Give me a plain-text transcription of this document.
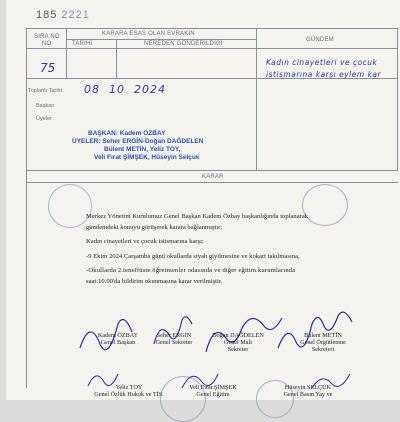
185 2221
SIRA NO
NO
KARARA ESAS OLAN EVRAKIN
TARİHİ	NEREDEN GÖNDERİLDİĞİ
GÜNDEM
75	Kadın cinayetleri ve çocuk
istismarına karşı eylem kar
Toplantı Tarihi 08  10  2024
Başkan
Üyeler
BAŞKAN: Kadem ÖZBAY
ÜYELER: Seher ERGİN-Doğan DAĞDELEN
Bülent METİN, Yeliz TOY,
Veli Fırat ŞİMŞEK, Hüseyin Selçuk
KARAR

Merkez Yönetim Kurulumuz Genel Başkan Kadem Özbay başkanlığında toplanarak

gündemdeki konuyu görüşerek karara bağlanmıştır;

Kadın cinayetleri ve çocuk istismarına karşı;

-9 Ekim 2024 Çarşamba günü okullarda siyah giyilmesine ve kokart takılmasına,

-Okullarda 2.teneffüste öğretmenler odasında ve diğer eğitim kurumlarında

saat:10.00'da bildirim okunmasına karar verilmiştir.

Kadem ÖZBAY
Genel Başkan
Seher ERGİN
Genel Sekreter
Doğan DAĞDELEN
Genel Mali
Sekreter
Bülent METİN
Genel Örgütlenme
Sekreteri
Yeliz TOY
Genel Özlük Hukuk ve TİS.
Veli Fırat ŞİMŞEK
Genel Eğitim
Hüseyin SELÇUK
Genel Basın Yay ve
